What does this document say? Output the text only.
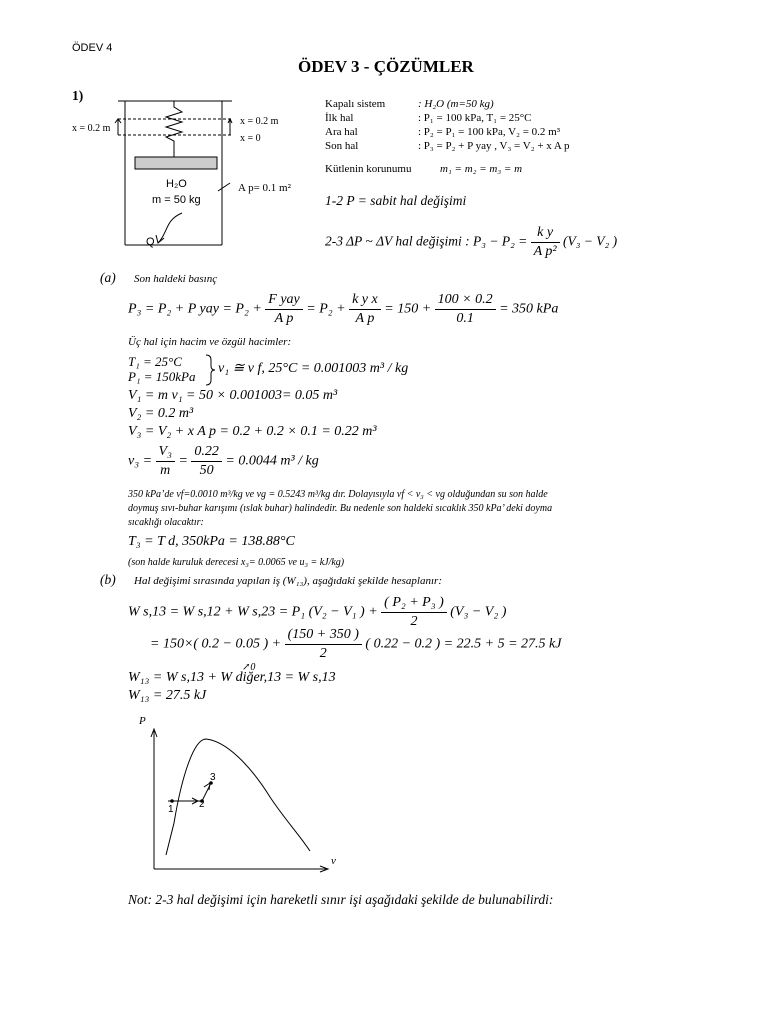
ÖDEV 4
ÖDEV 3 - ÇÖZÜMLER
1)
x = 0.2 m
x = 0.2 m
x = 0
H₂O
m = 50 kg
A p= 0.1 m²
Q
Kapalı sistem	: H₂O (m=50 kg)
İlk hal	: P₁ = 100 kPa, T₁ = 25°C
Ara hal	: P₂ = P₁ = 100 kPa, V₂ = 0.2 m³
Son hal	: P₃ = P₂ + P yay , V₃ = V₂ + x A p
Kütlenin korunumu	m₁ = m₂ = m₃ = m
1-2 P = sabit hal değişimi
2-3 ΔP ~ ΔV hal değişimi : $P_3 - P_2 = \frac{\text{k y}}{\text{A p²}} (V_3 - V_2$ )
(a) Son haldeki basınç
P₃ = P₂ + P yay = $P_2 + \frac{\text{F yay}}{\text{A p}} = P_2 + \frac{\text{k y x}}{\text{A p}} = 150 + \frac{100 \times 0.2}{0.1} = 350$ kPa
Üç hal için hacim ve özgül hacimler:
T₁ = 25°C
P₁ = 150kPa
v₁ ≅ v f, 25°C = 0.001003 m³ / kg
V₁ = m v₁ = 50 × 0.001003= 0.05 m³
V₂ = 0.2 m³
V₃ = V₂ + x A p = 0.2 + 0.2 × 0.1 = 0.22 m³
$v_3 = \frac{\text{V₃}}{m} = \frac{0.22}{50} = 0.0044$ m³ / kg
350 kPa’de vf=0.0010 m³/kg ve vg = 0.5243 m³/kg dır. Dolayısıyla vf < v₃ < vg olduğundan su son halde
doymuş sıvı-buhar karışımı (ıslak buhar) halindedir. Bu nedenle son haldeki sıcaklık 350 kPa’ deki doyma
sıcaklığı olacaktır:
T₃ = T d, 350kPa = 138.88°C
(son halde kuruluk derecesi x₃= 0.0065 ve u₃ = kJ/kg)
(b) Hal değişimi sırasında yapılan iş (W₁₃), aşağıdaki şekilde hesaplanır:
W s,13 = W s,12 + W s,23 = P₁ (V₂ − V₁ ) + $\frac{\text{( P₂ + P₃ )}}{2} (V_3 - V_2$ )
= 150×( 0.2 − 0.05 ) + $\frac{(150 + 350 )}{2}$ ( 0.22 − 0.2 ) = 22.5 + 5 = 27.5 kJ
↗0
W₁₃ = W s,13 + W diğer,13 = W s,13
W₁₃ = 27.5 kJ
P
v
1	2
3
Not: 2-3 hal değişimi için hareketli sınır işi aşağıdaki şekilde de bulunabilirdi:
